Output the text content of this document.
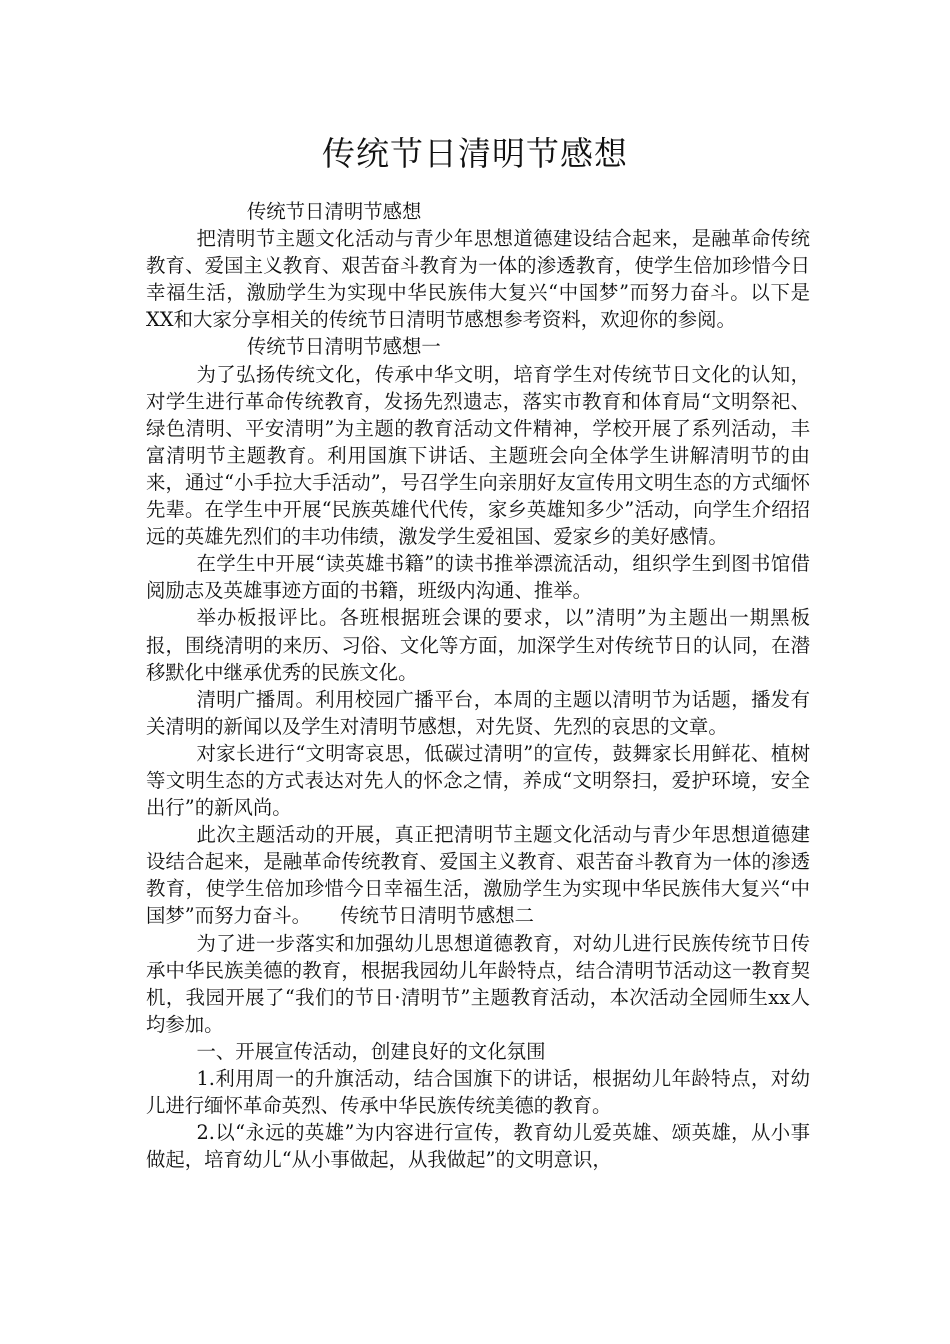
传统节日清明节感想

传统节日清明节感想

把清明节主题文化活动与青少年思想道德建设结合起来，是融革命传统教育、爱国主义教育、艰苦奋斗教育为一体的渗透教育，使学生倍加珍惜今日幸福生活，激励学生为实现中华民族伟大复兴“中国梦”而努力奋斗。以下是XX和大家分享相关的传统节日清明节感想参考资料，欢迎你的参阅。

传统节日清明节感想一

为了弘扬传统文化，传承中华文明，培育学生对传统节日文化的认知，对学生进行革命传统教育，发扬先烈遗志，落实市教育和体育局“文明祭祀、绿色清明、平安清明”为主题的教育活动文件精神，学校开展了系列活动，丰富清明节主题教育。利用国旗下讲话、主题班会向全体学生讲解清明节的由来，通过“小手拉大手活动”，号召学生向亲朋好友宣传用文明生态的方式缅怀先辈。在学生中开展“民族英雄代代传，家乡英雄知多少”活动，向学生介绍招远的英雄先烈们的丰功伟绩，激发学生爱祖国、爱家乡的美好感情。

在学生中开展“读英雄书籍”的读书推举漂流活动，组织学生到图书馆借阅励志及英雄事迹方面的书籍，班级内沟通、推举。

举办板报评比。各班根据班会课的要求，以”清明”为主题出一期黑板报，围绕清明的来历、习俗、文化等方面，加深学生对传统节日的认同，在潜移默化中继承优秀的民族文化。

清明广播周。利用校园广播平台，本周的主题以清明节为话题，播发有关清明的新闻以及学生对清明节感想，对先贤、先烈的哀思的文章。

对家长进行“文明寄哀思，低碳过清明”的宣传，鼓舞家长用鲜花、植树等文明生态的方式表达对先人的怀念之情，养成“文明祭扫，爱护环境，安全出行”的新风尚。

此次主题活动的开展，真正把清明节主题文化活动与青少年思想道德建设结合起来，是融革命传统教育、爱国主义教育、艰苦奋斗教育为一体的渗透教育，使学生倍加珍惜今日幸福生活，激励学生为实现中华民族伟大复兴“中国梦”而努力奋斗。　　传统节日清明节感想二

为了进一步落实和加强幼儿思想道德教育，对幼儿进行民族传统节日传承中华民族美德的教育，根据我园幼儿年龄特点，结合清明节活动这一教育契机，我园开展了“我们的节日·清明节”主题教育活动，本次活动全园师生xx人均参加。

一、开展宣传活动，创建良好的文化氛围

1.利用周一的升旗活动，结合国旗下的讲话，根据幼儿年龄特点，对幼儿进行缅怀革命英烈、传承中华民族传统美德的教育。

2.以“永远的英雄”为内容进行宣传，教育幼儿爱英雄、颂英雄，从小事做起，培育幼儿“从小事做起，从我做起”的文明意识，
